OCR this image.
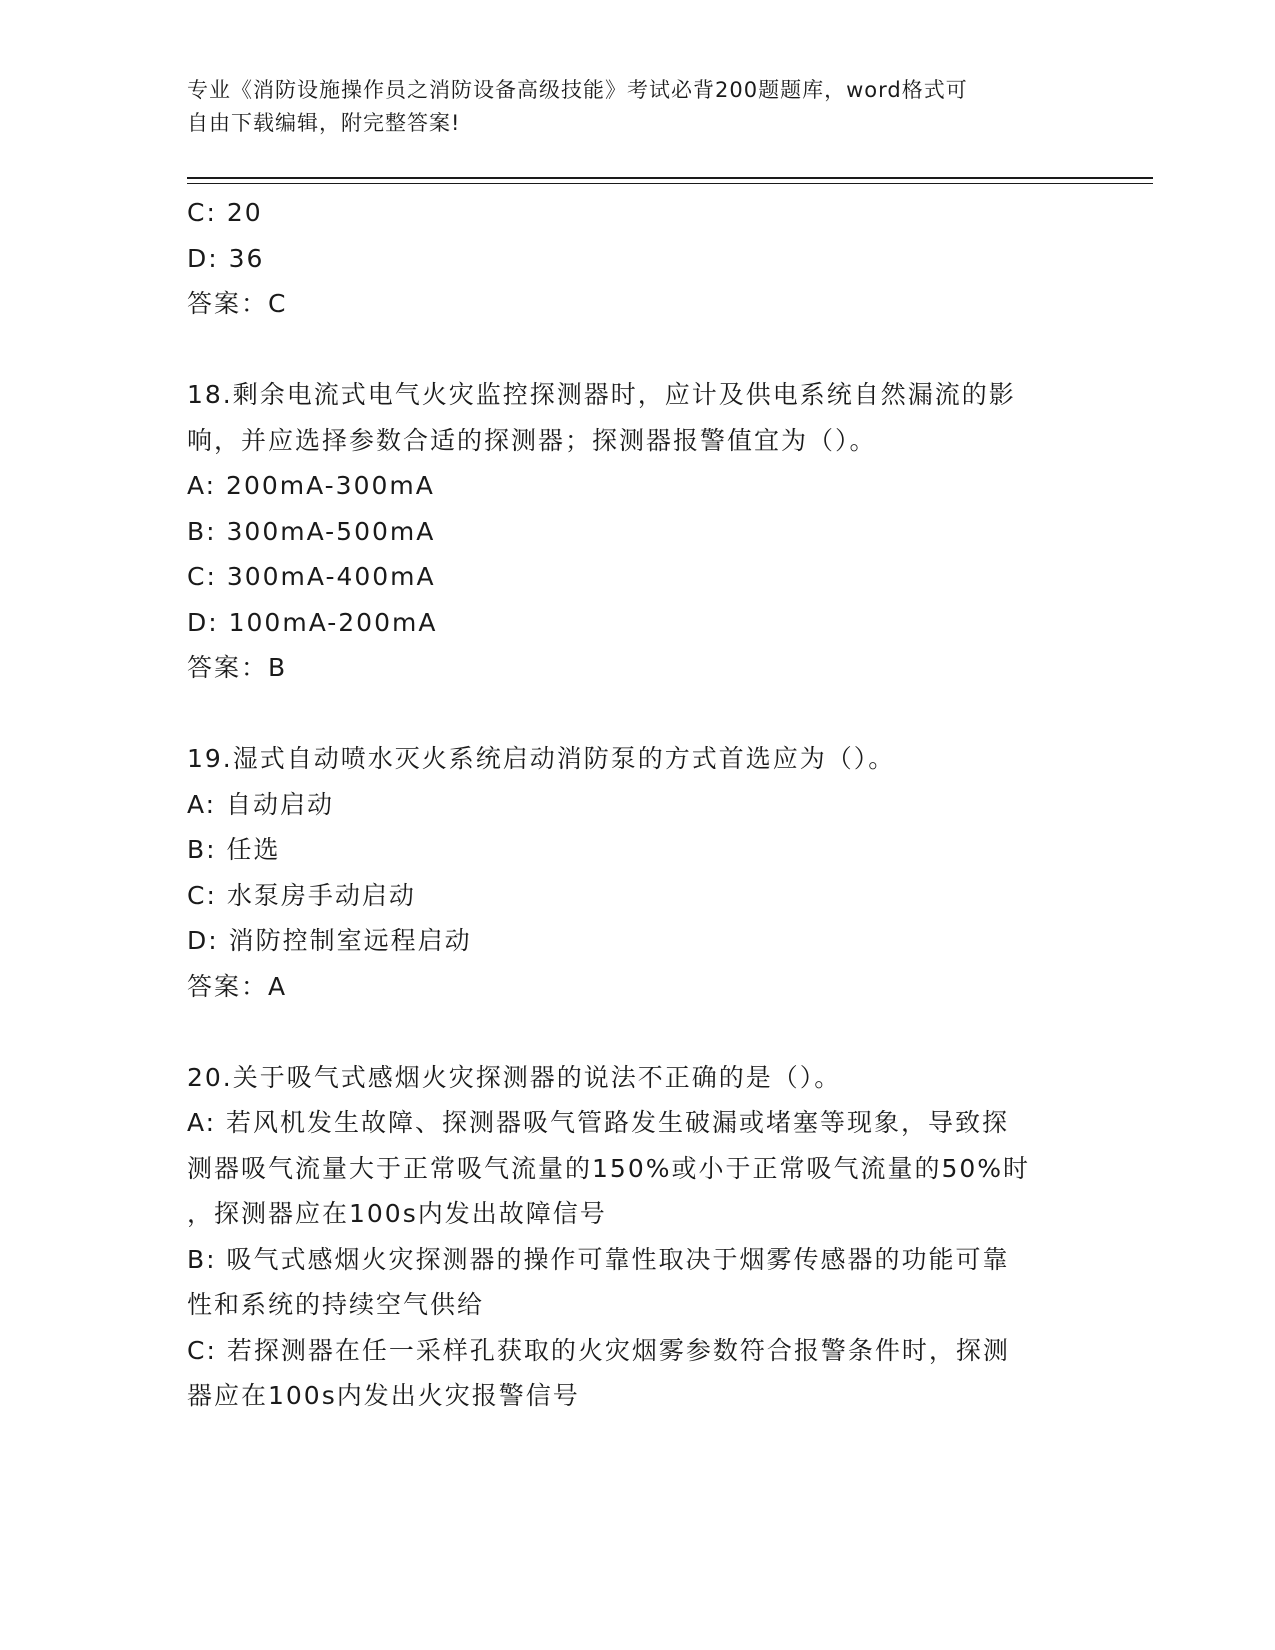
专业《消防设施操作员之消防设备高级技能》考试必背200题题库，word格式可
自由下载编辑，附完整答案!
C: 20
D: 36
答案：C
18.剩余电流式电气火灾监控探测器时，应计及供电系统自然漏流的影
响，并应选择参数合适的探测器；探测器报警值宜为（）。
A: 200mA-300mA
B: 300mA-500mA
C: 300mA-400mA
D: 100mA-200mA
答案：B
19.湿式自动喷水灭火系统启动消防泵的方式首选应为（）。
A: 自动启动
B: 任选
C: 水泵房手动启动
D: 消防控制室远程启动
答案：A
20.关于吸气式感烟火灾探测器的说法不正确的是（）。
A: 若风机发生故障、探测器吸气管路发生破漏或堵塞等现象，导致探
测器吸气流量大于正常吸气流量的150%或小于正常吸气流量的50%时
，探测器应在100s内发出故障信号
B: 吸气式感烟火灾探测器的操作可靠性取决于烟雾传感器的功能可靠
性和系统的持续空气供给
C: 若探测器在任一采样孔获取的火灾烟雾参数符合报警条件时，探测
器应在100s内发出火灾报警信号
